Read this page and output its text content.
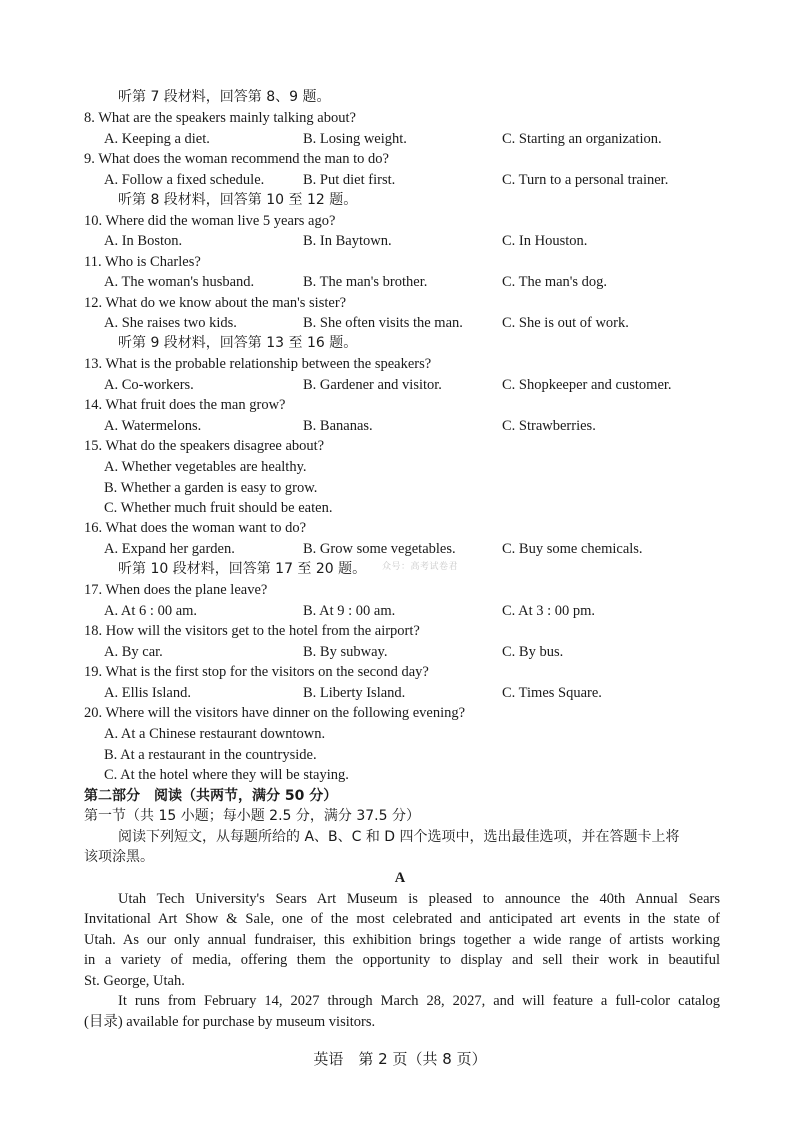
听第 7 段材料，回答第 8、9 题。
8. What are the speakers mainly talking about?
A. Keeping a diet.	B. Losing weight.	C. Starting an organization.
9. What does the woman recommend the man to do?
A. Follow a fixed schedule.	B. Put diet first.	C. Turn to a personal trainer.
听第 8 段材料，回答第 10 至 12 题。
10. Where did the woman live 5 years ago?
A. In Boston.	B. In Baytown.	C. In Houston.
11. Who is Charles?
A. The woman's husband.	B. The man's brother.	C. The man's dog.
12. What do we know about the man's sister?
A. She raises two kids.	B. She often visits the man.	C. She is out of work.
听第 9 段材料，回答第 13 至 16 题。
13. What is the probable relationship between the speakers?
A. Co-workers.	B. Gardener and visitor.	C. Shopkeeper and customer.
14. What fruit does the man grow?
A. Watermelons.	B. Bananas.	C. Strawberries.
15. What do the speakers disagree about?
A. Whether vegetables are healthy.
B. Whether a garden is easy to grow.
C. Whether much fruit should be eaten.
16. What does the woman want to do?
A. Expand her garden.	B. Grow some vegetables.	C. Buy some chemicals.
听第 10 段材料，回答第 17 至 20 题。 众号：高考试卷君
17. When does the plane leave?
A. At 6 : 00 am.	B. At 9 : 00 am.	C. At 3 : 00 pm.
18. How will the visitors get to the hotel from the airport?
A. By car.	B. By subway.	C. By bus.
19. What is the first stop for the visitors on the second day?
A. Ellis Island.	B. Liberty Island.	C. Times Square.
20. Where will the visitors have dinner on the following evening?
A. At a Chinese restaurant downtown.
B. At a restaurant in the countryside.
C. At the hotel where they will be staying.
第二部分　阅读（共两节，满分 50 分）
第一节（共 15 小题；每小题 2.5 分，满分 37.5 分）
阅读下列短文，从每题所给的 A、B、C 和 D 四个选项中，选出最佳选项，并在答题卡上将
该项涂黑。
A
Utah Tech University's Sears Art Museum is pleased to announce the 40th Annual Sears
Invitational Art Show & Sale, one of the most celebrated and anticipated art events in the state of
Utah. As our only annual fundraiser, this exhibition brings together a wide range of artists working
in a variety of media, offering them the opportunity to display and sell their work in beautiful
St. George, Utah.
It runs from February 14, 2027 through March 28, 2027, and will feature a full-color catalog
(目录) available for purchase by museum visitors.
英语　第 2 页（共 8 页）
